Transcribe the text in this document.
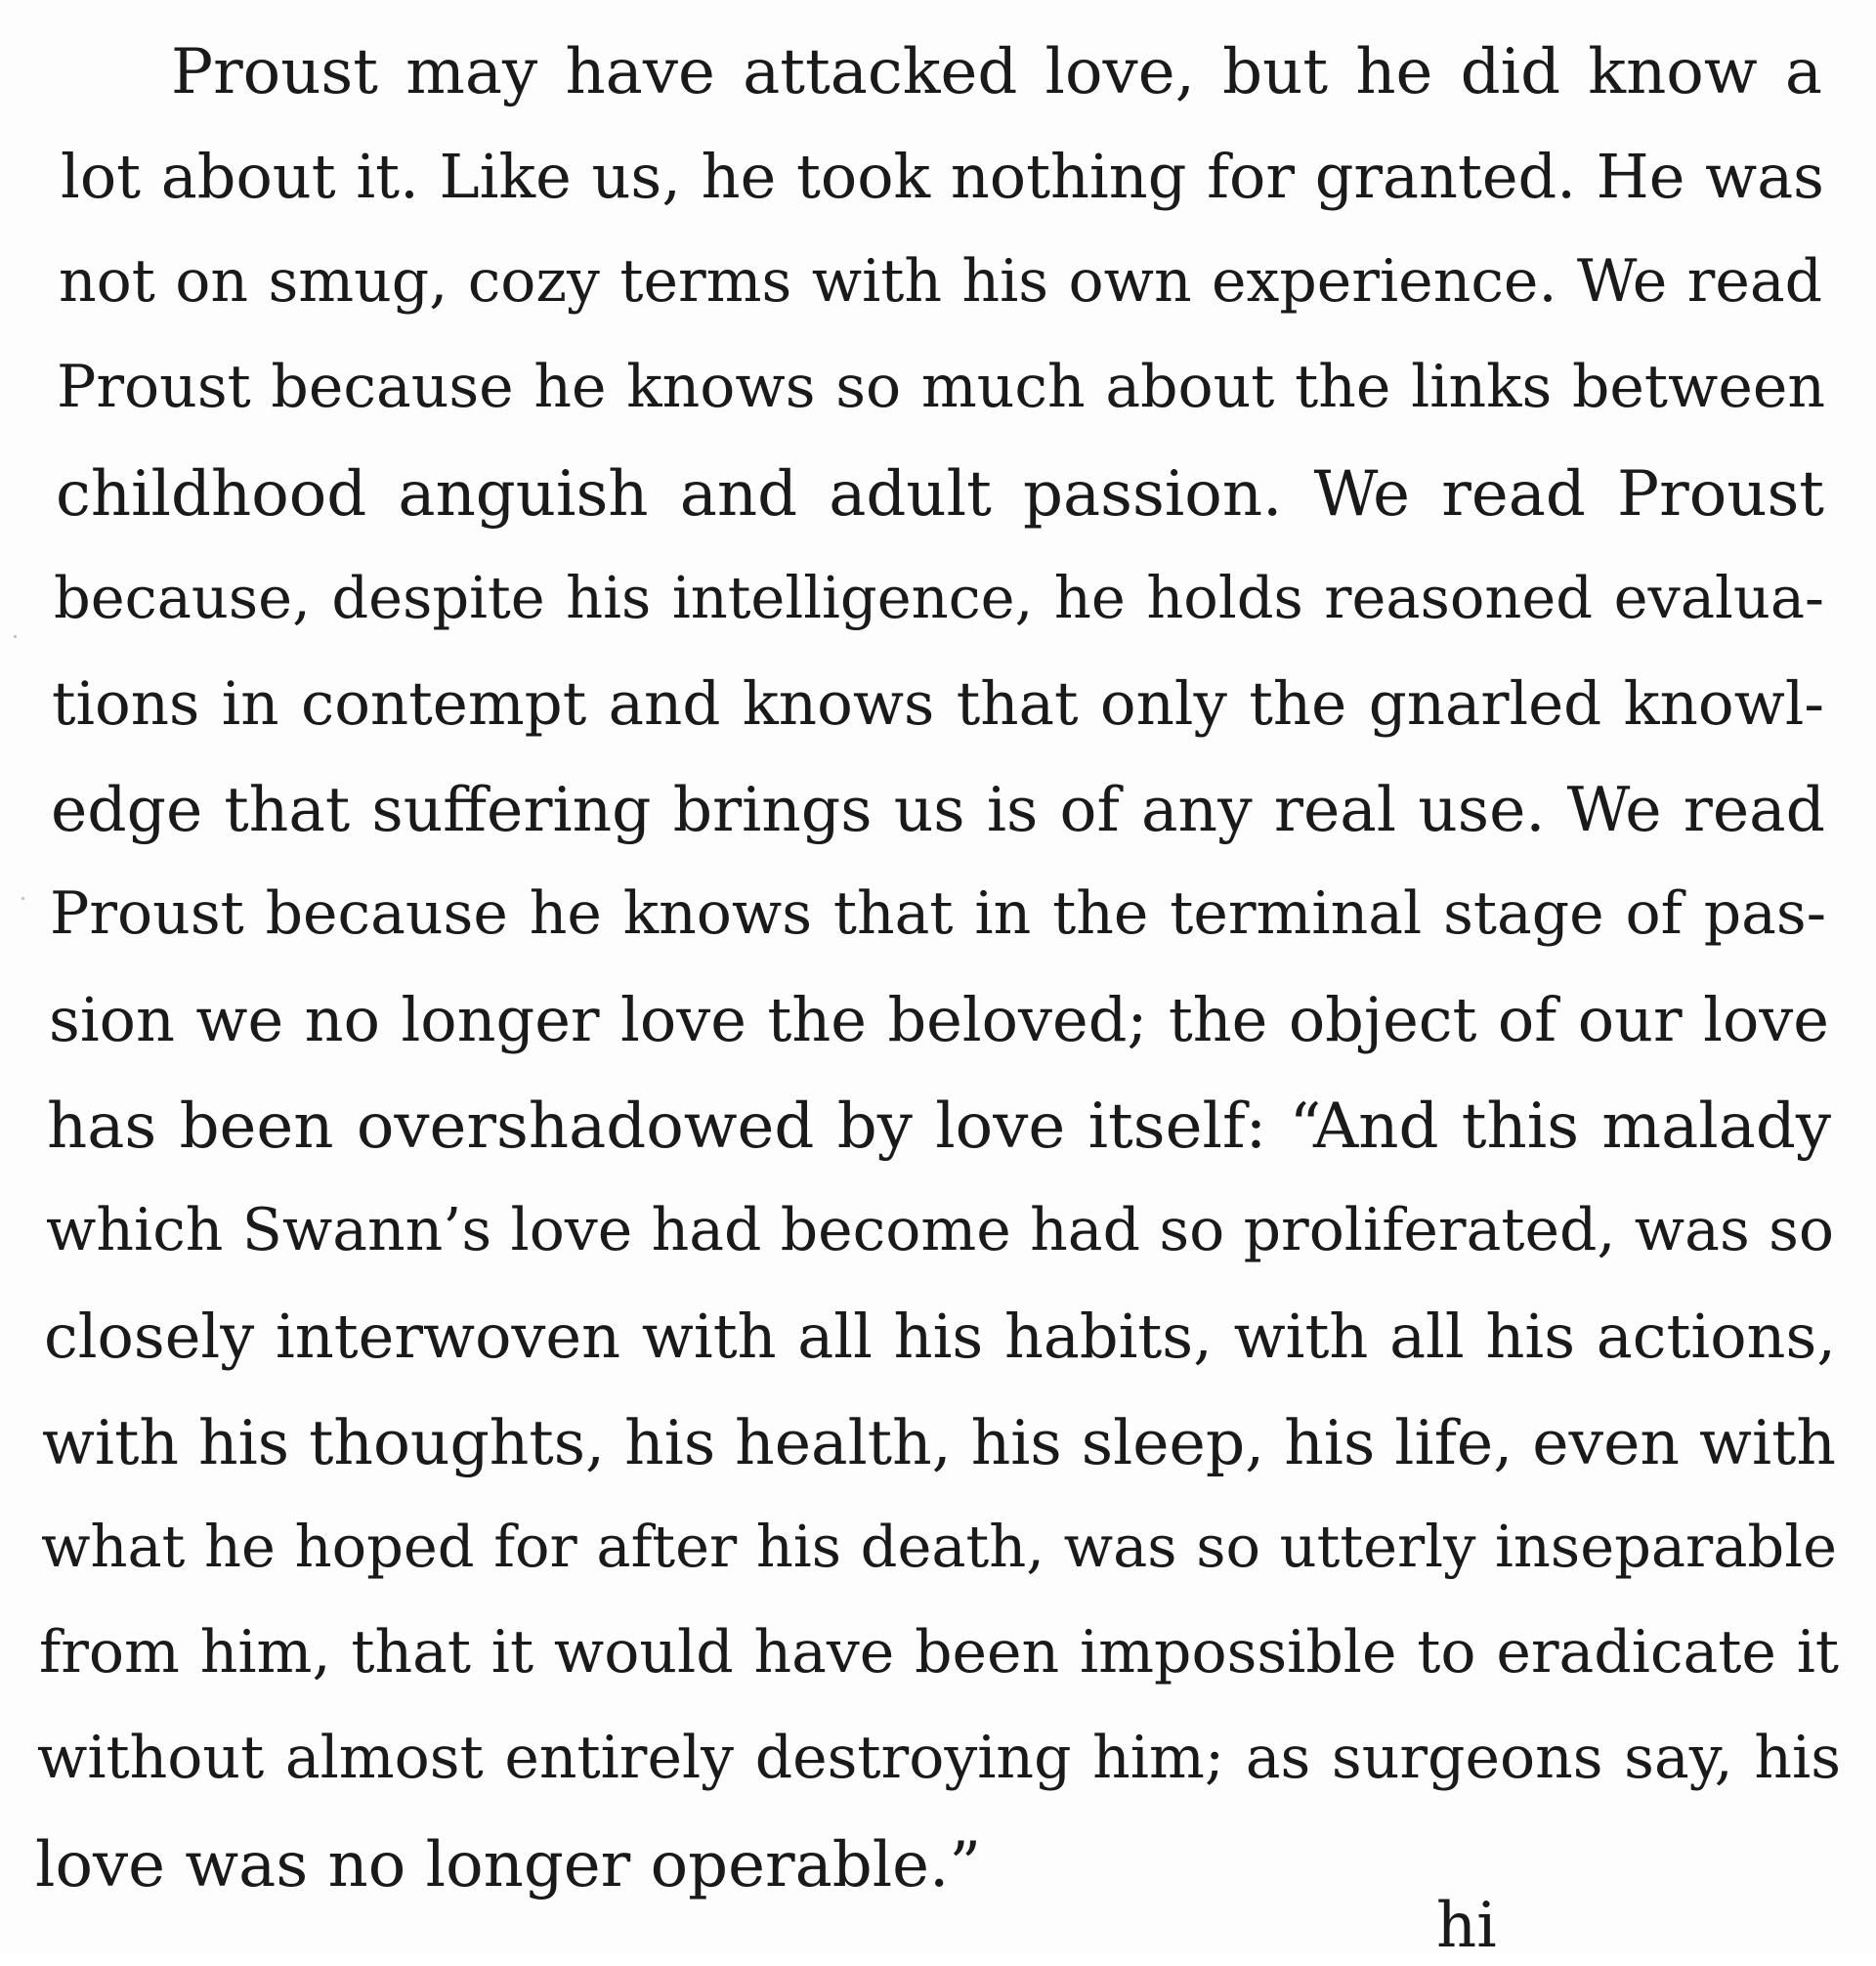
Proust may have attacked love, but he did know a
lot about it. Like us, he took nothing for granted. He was
not on smug, cozy terms with his own experience. We read
Proust because he knows so much about the links between
childhood anguish and adult passion. We read Proust
because, despite his intelligence, he holds reasoned evalua-
tions in contempt and knows that only the gnarled knowl-
edge that suffering brings us is of any real use. We read
Proust because he knows that in the terminal stage of pas-
sion we no longer love the beloved; the object of our love
has been overshadowed by love itself: “And this malady
which Swann’s love had become had so proliferated, was so
closely interwoven with all his habits, with all his actions,
with his thoughts, his health, his sleep, his life, even with
what he hoped for after his death, was so utterly inseparable
from him, that it would have been impossible to eradicate it
without almost entirely destroying him; as surgeons say, his
love was no longer operable.”
hi
